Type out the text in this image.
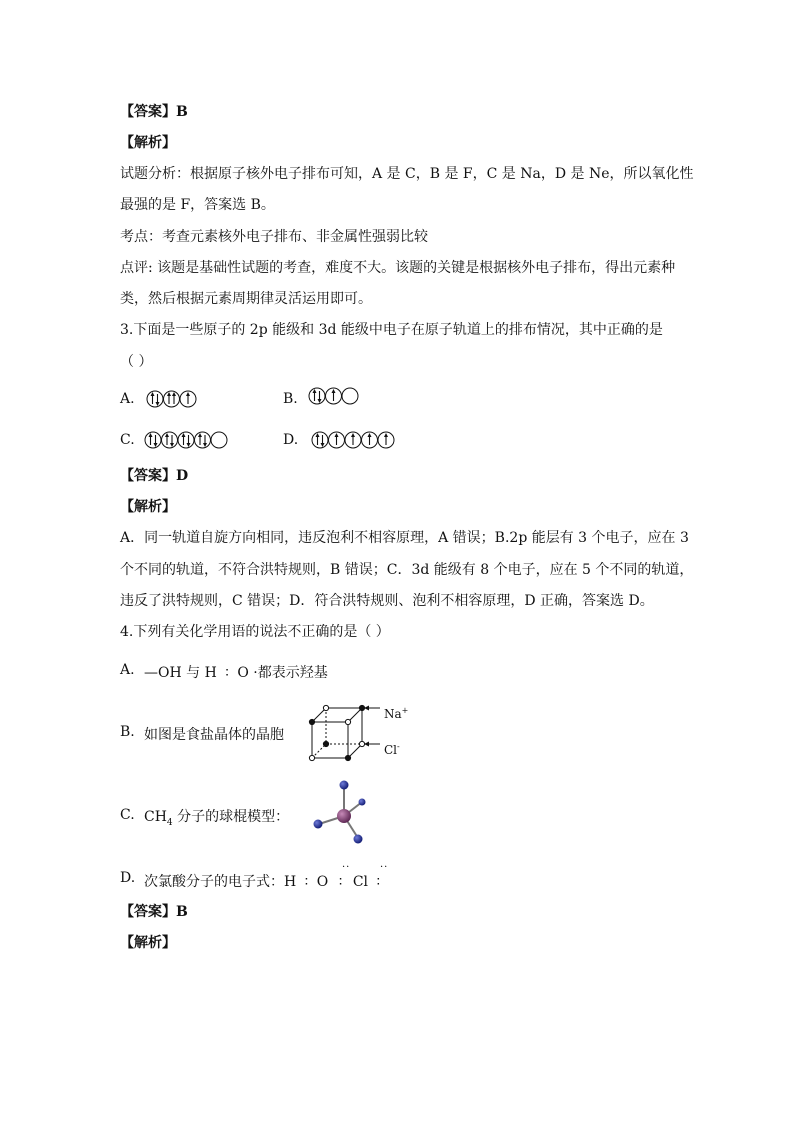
【答案】B
【解析】
试题分析：根据原子核外电子排布可知，A 是 C，B 是 F，C 是 Na，D 是 Ne，所以氧化性
最强的是 F，答案选 B。
考点：考查元素核外电子排布、非金属性强弱比较
点评: 该题是基础性试题的考查，难度不大。该题的关键是根据核外电子排布，得出元素种
类，然后根据元素周期律灵活运用即可。
3.下面是一些原子的 2p 能级和 3d 能级中电子在原子轨道上的排布情况，其中正确的是
（ ）
A.	B.
C.	D.
【答案】D
【解析】
A．同一轨道自旋方向相同，违反泡利不相容原理，A 错误；B.2p 能层有 3 个电子，应在 3
个不同的轨道，不符合洪特规则，B 错误；C．3d 能级有 8 个电子，应在 5 个不同的轨道，
违反了洪特规则，C 错误；D．符合洪特规则、泡利不相容原理，D 正确，答案选 D。
4.下列有关化学用语的说法不正确的是（ ）
A. —OH 与 H ∶ O ·都表示羟基
B. 如图是食盐晶体的晶胞
Na+
Cl-
C. $CH_4$ 分子的球棍模型：
D. 次氯酸分子的电子式：H ∶ O
··
∶ Cl
··
∶
【答案】B
【解析】
